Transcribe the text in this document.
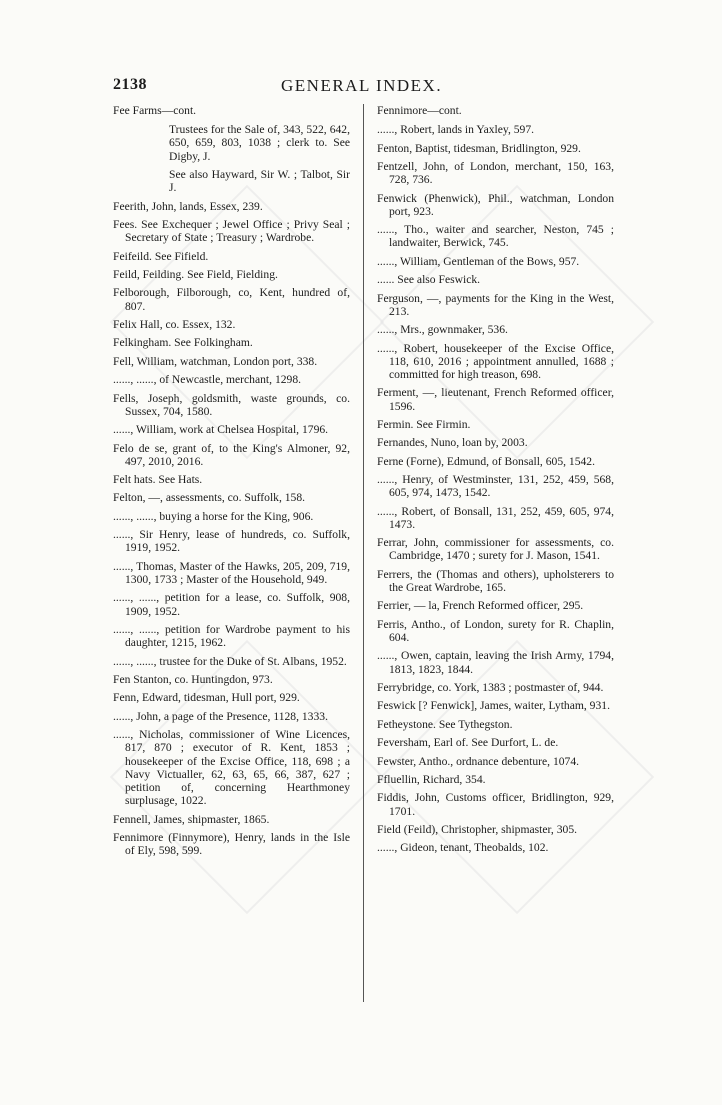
2138	GENERAL INDEX.
Fee Farms—cont.
Trustees for the Sale of, 343, 522, 642, 650, 659, 803, 1038 ; clerk to. See Digby, J.
See also Hayward, Sir W. ; Talbot, Sir J.
Feerith, John, lands, Essex, 239.
Fees. See Exchequer ; Jewel Office ; Privy Seal ; Secretary of State ; Treasury ; Wardrobe.
Feifeild. See Fifield.
Feild, Feilding. See Field, Fielding.
Felborough, Filborough, co, Kent, hundred of, 807.
Felix Hall, co. Essex, 132.
Felkingham. See Folkingham.
Fell, William, watchman, London port, 338.
......, ......, of Newcastle, merchant, 1298.
Fells, Joseph, goldsmith, waste grounds, co. Sussex, 704, 1580.
......, William, work at Chelsea Hospital, 1796.
Felo de se, grant of, to the King's Almoner, 92, 497, 2010, 2016.
Felt hats. See Hats.
Felton, —, assessments, co. Suffolk, 158.
......, ......, buying a horse for the King, 906.
......, Sir Henry, lease of hundreds, co. Suffolk, 1919, 1952.
......, Thomas, Master of the Hawks, 205, 209, 719, 1300, 1733 ; Master of the Household, 949.
......, ......, petition for a lease, co. Suffolk, 908, 1909, 1952.
......, ......, petition for Wardrobe payment to his daughter, 1215, 1962.
......, ......, trustee for the Duke of St. Albans, 1952.
Fen Stanton, co. Huntingdon, 973.
Fenn, Edward, tidesman, Hull port, 929.
......, John, a page of the Presence, 1128, 1333.
......, Nicholas, commissioner of Wine Licences, 817, 870 ; executor of R. Kent, 1853 ; housekeeper of the Excise Office, 118, 698 ; a Navy Victualler, 62, 63, 65, 66, 387, 627 ; petition of, concerning Hearthmoney surplusage, 1022.
Fennell, James, shipmaster, 1865.
Fennimore (Finnymore), Henry, lands in the Isle of Ely, 598, 599.
Fennimore—cont.
......, Robert, lands in Yaxley, 597.
Fenton, Baptist, tidesman, Bridlington, 929.
Fentzell, John, of London, merchant, 150, 163, 728, 736.
Fenwick (Phenwick), Phil., watchman, London port, 923.
......, Tho., waiter and searcher, Neston, 745 ; landwaiter, Berwick, 745.
......, William, Gentleman of the Bows, 957.
...... See also Feswick.
Ferguson, —, payments for the King in the West, 213.
......, Mrs., gownmaker, 536.
......, Robert, housekeeper of the Excise Office, 118, 610, 2016 ; appointment annulled, 1688 ; committed for high treason, 698.
Ferment, —, lieutenant, French Reformed officer, 1596.
Fermin. See Firmin.
Fernandes, Nuno, loan by, 2003.
Ferne (Forne), Edmund, of Bonsall, 605, 1542.
......, Henry, of Westminster, 131, 252, 459, 568, 605, 974, 1473, 1542.
......, Robert, of Bonsall, 131, 252, 459, 605, 974, 1473.
Ferrar, John, commissioner for assessments, co. Cambridge, 1470 ; surety for J. Mason, 1541.
Ferrers, the (Thomas and others), upholsterers to the Great Wardrobe, 165.
Ferrier, — la, French Reformed officer, 295.
Ferris, Antho., of London, surety for R. Chaplin, 604.
......, Owen, captain, leaving the Irish Army, 1794, 1813, 1823, 1844.
Ferrybridge, co. York, 1383 ; postmaster of, 944.
Feswick [? Fenwick], James, waiter, Lytham, 931.
Fetheystone. See Tythegston.
Feversham, Earl of. See Durfort, L. de.
Fewster, Antho., ordnance debenture, 1074.
Ffluellin, Richard, 354.
Fiddis, John, Customs officer, Bridlington, 929, 1701.
Field (Feild), Christopher, shipmaster, 305.
......, Gideon, tenant, Theobalds, 102.
